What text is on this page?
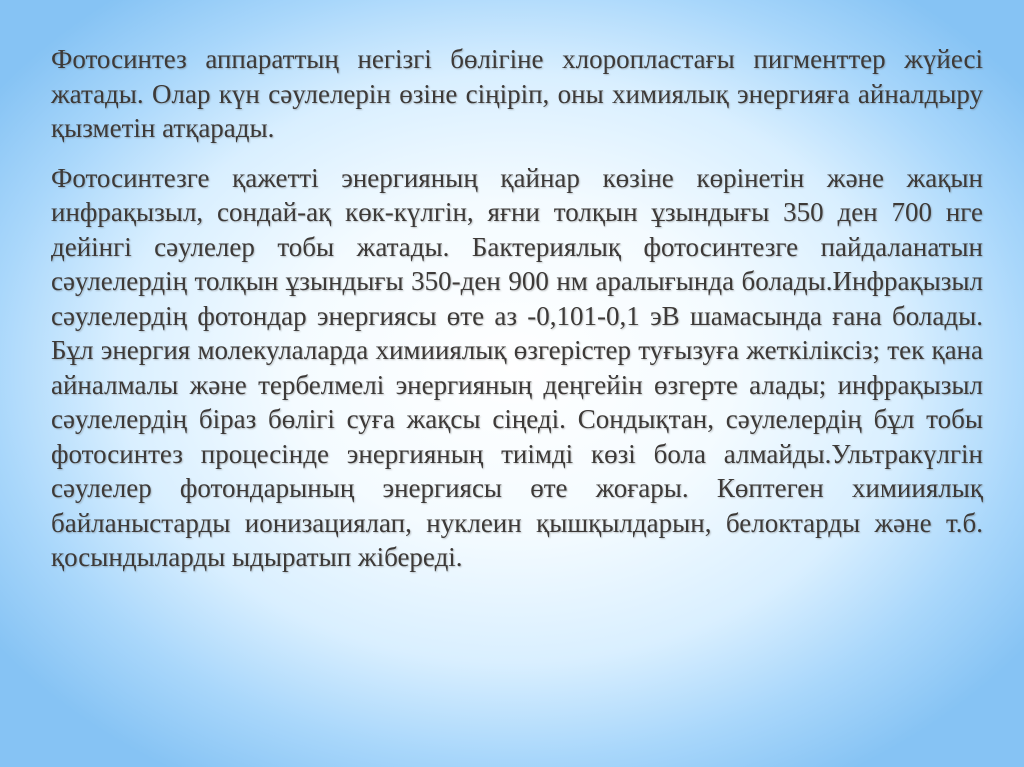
Фотосинтез аппараттың негізгі бөлігіне хлоропластағы пигменттер жүйесі жатады. Олар күн сәулелерін өзіне сіңіріп, оны химиялық энергияға айналдыру қызметін атқарады.

Фотосинтезге қажетті энергияның қайнар көзіне көрінетін және жақын инфрақызыл, сондай-ақ көк-күлгін, яғни толқын ұзындығы 350 ден 700 нге дейінгі сәулелер тобы жатады. Бактериялық фотосинтезге пайдаланатын сәулелердің толқын ұзындығы 350-ден 900 нм аралығында болады.Инфрақызыл сәулелердің фотондар энергиясы өте аз -0,101-0,1 эВ шамасында ғана болады. Бұл энергия молекулаларда химииялық өзгерістер туғызуға жеткіліксіз; тек қана айналмалы және тербелмелі энергияның деңгейін өзгерте алады; инфрақызыл сәулелердің біраз бөлігі суға жақсы сіңеді. Сондықтан, сәулелердің бұл тобы фотосинтез процесінде энергияның тиімді көзі бола алмайды.Ультракүлгін сәулелер фотондарының энергиясы өте жоғары. Көптеген химииялық байланыстарды ионизациялап, нуклеин қышқылдарын, белоктарды және т.б. қосындыларды ыдыратып жібереді.
